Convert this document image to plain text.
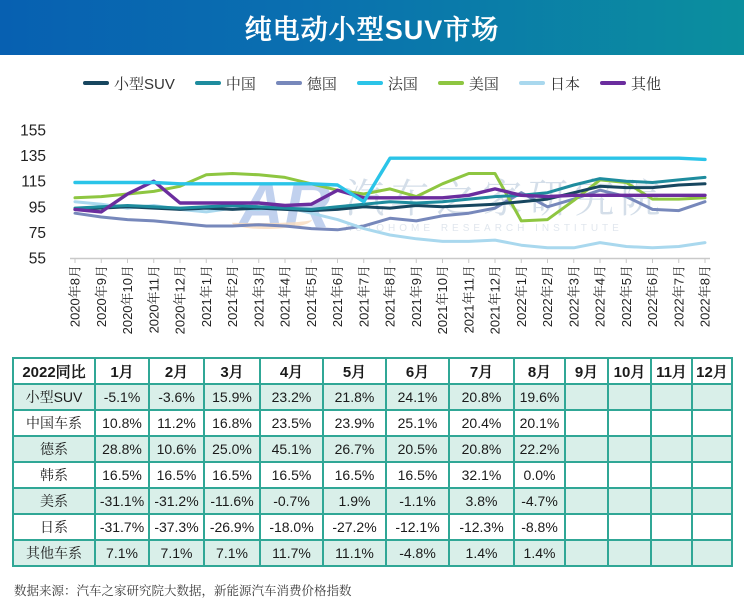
纯电动小型SUV市场
小型SUV	中国	德国	法国	美国	日本	其他
AR 汽车之家研究院
AUTOHOME RESEARCH INSTITUTE
155
135
115
95
75
55
2020年8月 2020年9月 2020年10月 2020年11月 2020年12月 2021年1月 2021年2月 2021年3月 2021年4月 2021年5月 2021年6月 2021年7月 2021年8月 2021年9月 2021年10月 2021年11月 2021年12月 2022年1月 2022年2月 2022年3月 2022年4月 2022年5月 2022年6月 2022年7月 2022年8月
2022同比	1月	2月	3月	4月	5月	6月	7月	8月	9月	10月	11月	12月
小型SUV	-5.1%	-3.6%	15.9%	23.2%	21.8%	24.1%	20.8%	19.6%				
中国车系	10.8%	11.2%	16.8%	23.5%	23.9%	25.1%	20.4%	20.1%				
德系	28.8%	10.6%	25.0%	45.1%	26.7%	20.5%	20.8%	22.2%				
韩系	16.5%	16.5%	16.5%	16.5%	16.5%	16.5%	32.1%	0.0%				
美系	-31.1%	-31.2%	-11.6%	-0.7%	1.9%	-1.1%	3.8%	-4.7%				
日系	-31.7%	-37.3%	-26.9%	-18.0%	-27.2%	-12.1%	-12.3%	-8.8%				
其他车系	7.1%	7.1%	7.1%	11.7%	11.1%	-4.8%	1.4%	1.4%				
数据来源：汽车之家研究院大数据，新能源汽车消费价格指数
